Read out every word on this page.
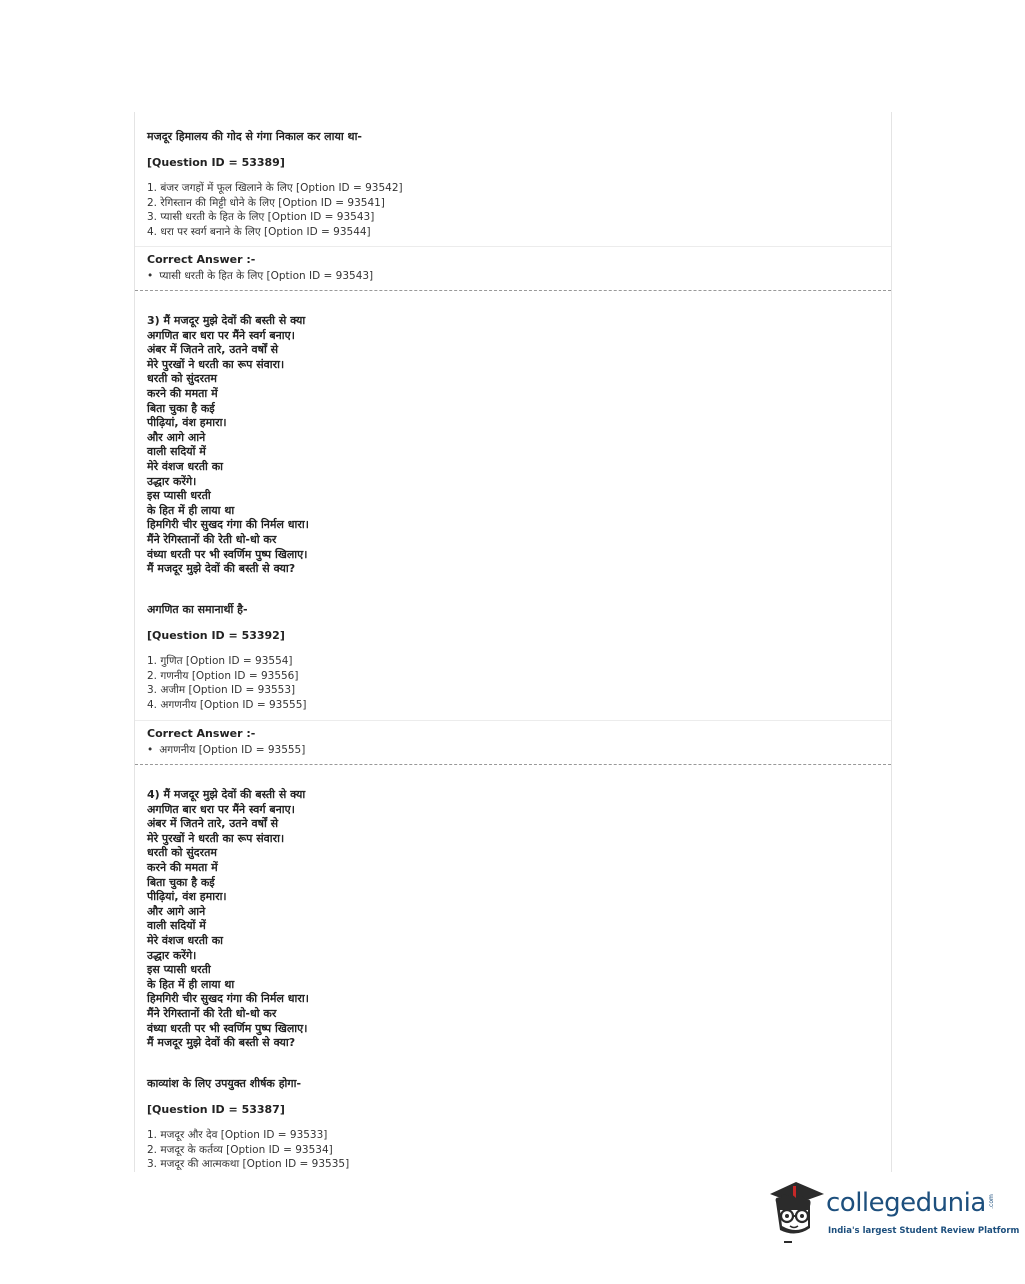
मजदूर हिमालय की गोद से गंगा निकाल कर लाया था-
[Question ID = 53389]
1. बंजर जगहों में फूल खिलाने के लिए [Option ID = 93542]
2. रेगिस्तान की मिट्टी धोने के लिए [Option ID = 93541]
3. प्यासी धरती के हित के लिए [Option ID = 93543]
4. धरा पर स्वर्ग बनाने के लिए [Option ID = 93544]
Correct Answer :-
• प्यासी धरती के हित के लिए [Option ID = 93543]
3) मैं मजदूर मुझे देवों की बस्ती से क्या
अगणित बार धरा पर मैंने स्वर्ग बनाए।
अंबर में जितने तारे, उतने वर्षों से
मेरे पुरखों ने धरती का रूप संवारा।
धरती को सुंदरतम
करने की ममता में
बिता चुका है कई
पीढ़ियां, वंश हमारा।
और आगे आने
वाली सदियों में
मेरे वंशज धरती का
उद्धार करेंगे।
इस प्यासी धरती
के हित में ही लाया था
हिमगिरी चीर सुखद गंगा की निर्मल धारा।
मैंने रेगिस्तानों की रेती धो-धो कर
वंध्या धरती पर भी स्वर्णिम पुष्प खिलाए।
मैं मजदूर मुझे देवों की बस्ती से क्या?
अगणित का समानार्थी है-
[Question ID = 53392]
1. गुणित [Option ID = 93554]
2. गणनीय [Option ID = 93556]
3. अजीम [Option ID = 93553]
4. अगणनीय [Option ID = 93555]
Correct Answer :-
• अगणनीय [Option ID = 93555]
4) मैं मजदूर मुझे देवों की बस्ती से क्या
अगणित बार धरा पर मैंने स्वर्ग बनाए।
अंबर में जितने तारे, उतने वर्षों से
मेरे पुरखों ने धरती का रूप संवारा।
धरती को सुंदरतम
करने की ममता में
बिता चुका है कई
पीढ़ियां, वंश हमारा।
और आगे आने
वाली सदियों में
मेरे वंशज धरती का
उद्धार करेंगे।
इस प्यासी धरती
के हित में ही लाया था
हिमगिरी चीर सुखद गंगा की निर्मल धारा।
मैंने रेगिस्तानों की रेती धो-धो कर
वंध्या धरती पर भी स्वर्णिम पुष्प खिलाए।
मैं मजदूर मुझे देवों की बस्ती से क्या?
काव्यांश के लिए उपयुक्त शीर्षक होगा-
[Question ID = 53387]
1. मजदूर और देव [Option ID = 93533]
2. मजदूर के कर्तव्य [Option ID = 93534]
3. मजदूर की आत्मकथा [Option ID = 93535]
collegedunia .com
India's largest Student Review Platform
